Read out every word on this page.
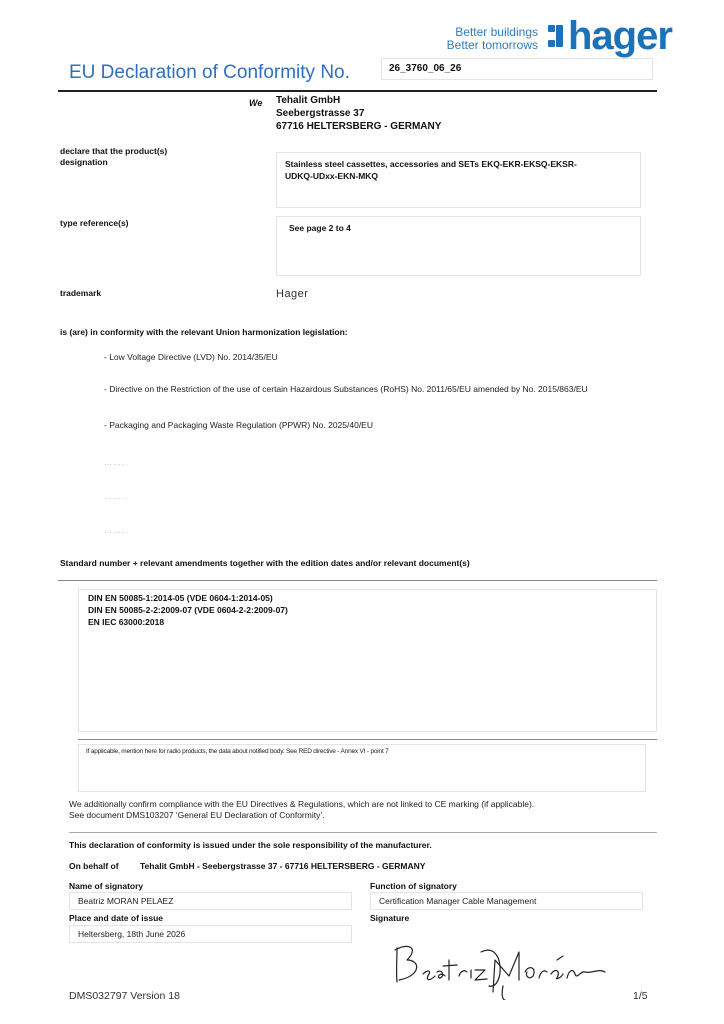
Better buildings
Better tomorrows hager
EU Declaration of Conformity No.	26_3760_06_26
We Tehalit GmbH
Seebergstrasse 37
67716 HELTERSBERG - GERMANY
declare that the product(s)
designation	Stainless steel cassettes, accessories and SETs EKQ-EKR-EKSQ-EKSR-
UDKQ-UDxx-EKN-MKQ
type reference(s)	See page 2 to 4
trademark	Hager
is (are) in conformity with the relevant Union harmonization legislation:
- Low Voltage Directive (LVD) No. 2014/35/EU
- Directive on the Restriction of the use of certain Hazardous Substances (RoHS) No. 2011/65/EU amended by No. 2015/863/EU
- Packaging and Packaging Waste Regulation (PPWR) No. 2025/40/EU
……..
……..
……..
Standard number + relevant amendments together with the edition dates and/or relevant document(s)
DIN EN 50085-1:2014-05 (VDE 0604-1:2014-05)
DIN EN 50085-2-2:2009-07 (VDE 0604-2-2:2009-07)
EN IEC 63000:2018
If applicable, mention here for radio products, the data about notified body. See RED directive - Annex VI - point 7
We additionally confirm compliance with the EU Directives & Regulations, which are not linked to CE marking (if applicable).
See document DMS103207 ‘General EU Declaration of Conformity’.
This declaration of conformity is issued under the sole responsibility of the manufacturer.
On behalf of	Tehalit GmbH - Seebergstrasse 37 - 67716 HELTERSBERG - GERMANY
Name of signatory
Beatriz MORAN PELAEZ
Function of signatory
Certification Manager Cable Management
Place and date of issue
Heltersberg, 18th June 2026
Signature
DMS032797 Version 18	1/5
